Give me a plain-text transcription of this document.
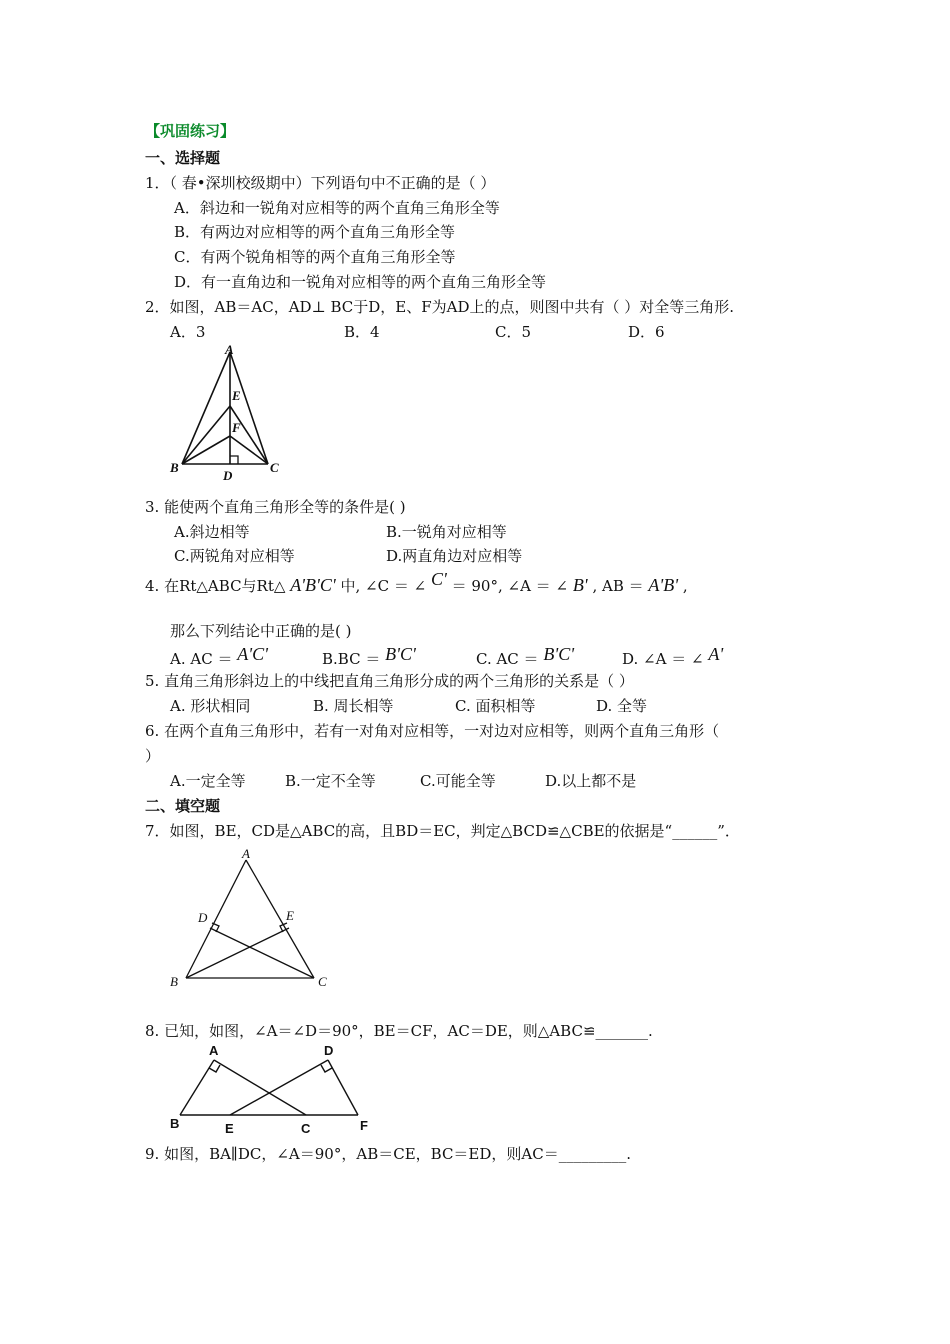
【巩固练习】
一、选择题
1．（ 春•深圳校级期中）下列语句中不正确的是（ ）
A．斜边和一锐角对应相等的两个直角三角形全等
B．有两边对应相等的两个直角三角形全等
C．有两个锐角相等的两个直角三角形全等
D．有一直角边和一锐角对应相等的两个直角三角形全等
2．如图，AB＝AC，AD⊥ BC于D，E、F为AD上的点，则图中共有（ ）对全等三角形.
A．3	B．4	C．5	D．6
A
E
F
B
D
C
3. 能使两个直角三角形全等的条件是( )
A.斜边相等	B.一锐角对应相等
C.两锐角对应相等	D.两直角边对应相等
4. 在Rt△ABC与Rt△ A'B'C' 中, ∠C ＝ ∠ C' ＝ 90°, ∠A ＝ ∠ B' , AB ＝ A'B' ,
那么下列结论中正确的是( )
A. AC ＝ A'C'	B.BC ＝ B'C'	C. AC ＝ B'C'	D. ∠A ＝ ∠ A'
5. 直角三角形斜边上的中线把直角三角形分成的两个三角形的关系是（ ）
A. 形状相同	B. 周长相等	C. 面积相等	D. 全等
6. 在两个直角三角形中，若有一对角对应相等，一对边对应相等，则两个直角三角形（
）
A.一定全等	B.一定不全等	C.可能全等	D.以上都不是
二、填空题
7．如图，BE，CD是△ABC的高，且BD＝EC，判定△BCD≌△CBE的依据是“______”．
A
D	E
B	C
8. 已知，如图，∠A＝∠D＝90°，BE＝CF，AC＝DE，则△ABC≌_______.
A	D
B	E	C	F
9. 如图，BA∥DC，∠A＝90°，AB＝CE，BC＝ED，则AC＝_________.
